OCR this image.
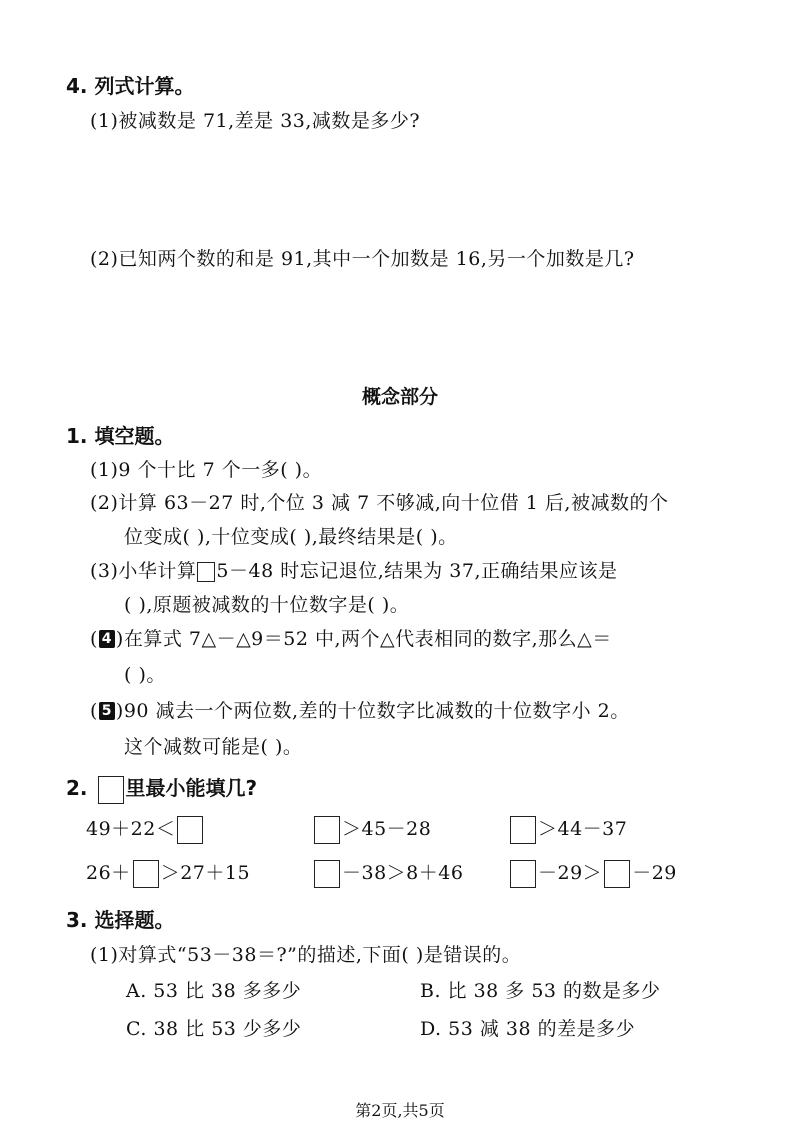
4. 列式计算。
(1)被减数是 71,差是 33,减数是多少?
(2)已知两个数的和是 91,其中一个加数是 16,另一个加数是几?
概念部分
1. 填空题。
(1)9 个十比 7 个一多( )。
(2)计算 63－27 时,个位 3 减 7 不够减,向十位借 1 后,被减数的个
位变成( ),十位变成( ),最终结果是( )。
(3)小华计算 5－48 时忘记退位,结果为 37,正确结果应该是
( ),原题被减数的十位数字是( )。
( 4 )在算式 7△－△9＝52 中,两个△代表相同的数字,那么△＝
( )。
( 5 )90 减去一个两位数,差的十位数字比减数的十位数字小 2。
这个减数可能是( )。
2. 里最小能填几?
49＋22＜	＞45－28	＞44－37
26＋ ＞27＋15	－38＞8＋46	－29＞ －29
3. 选择题。
(1)对算式“53－38＝?”的描述,下面( )是错误的。
A. 53 比 38 多多少	B. 比 38 多 53 的数是多少
C. 38 比 53 少多少	D. 53 减 38 的差是多少
第2页,共5页
